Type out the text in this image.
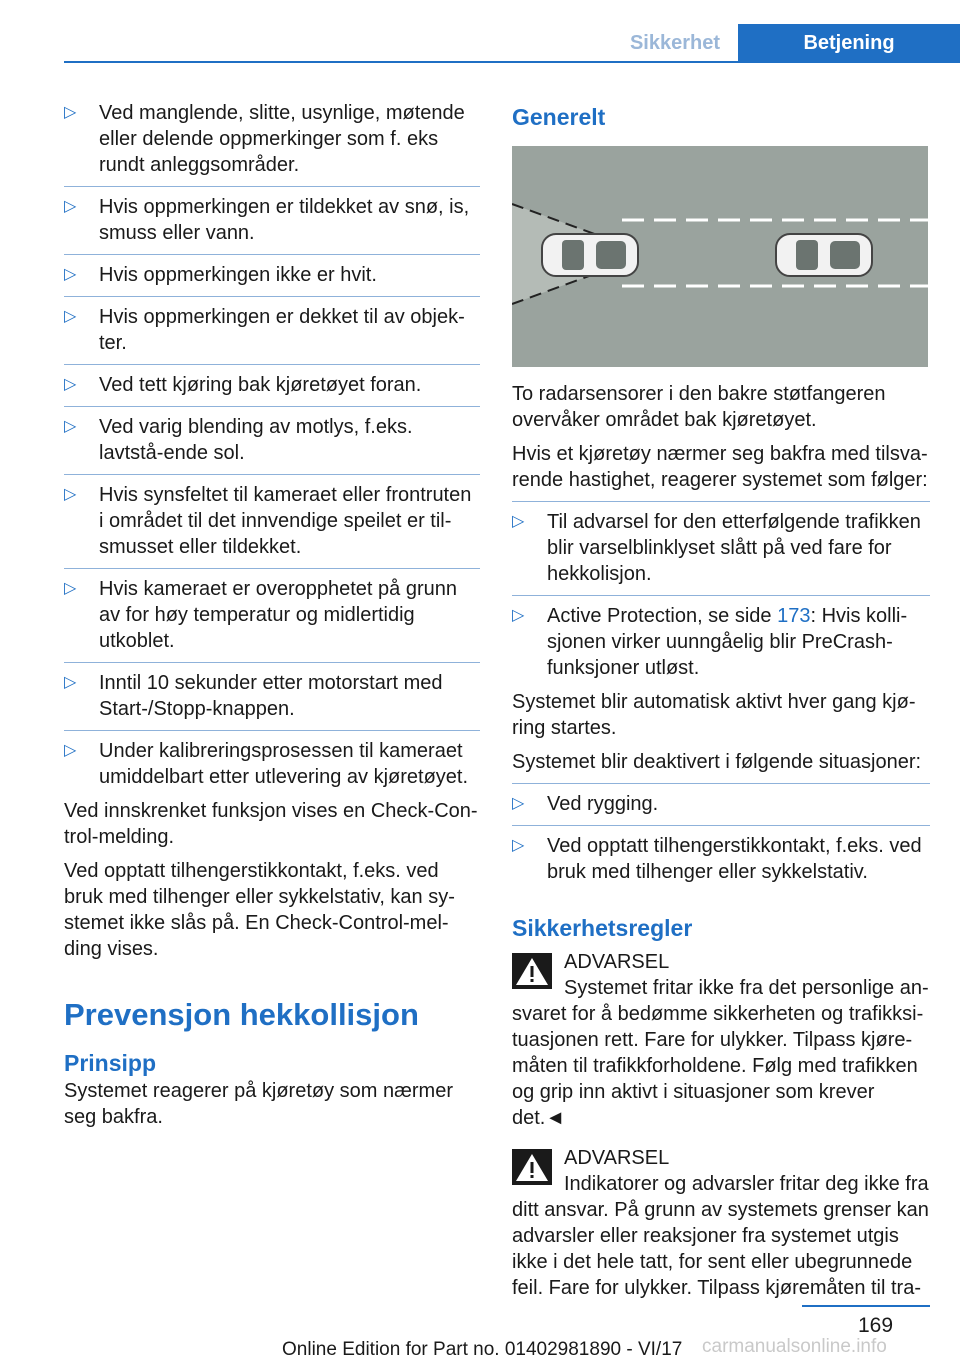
Sikkerhet	Betjening
▷ Ved manglende, slitte, usynlige, møtende eller delende oppmerkinger som f. eks rundt anleggsområder.
▷ Hvis oppmerkingen er tildekket av snø, is, smuss eller vann.
▷ Hvis oppmerkingen ikke er hvit.
▷ Hvis oppmerkingen er dekket til av objek‐ter.
▷ Ved tett kjøring bak kjøretøyet foran.
▷ Ved varig blending av motlys, f.eks. lavtstå‐ende sol.
▷ Hvis synsfeltet til kameraet eller frontruten i området til det innvendige speilet er til‐smusset eller tildekket.
▷ Hvis kameraet er overopphetet på grunn av for høy temperatur og midlertidig utkoblet.
▷ Inntil 10 sekunder etter motorstart med Start-/Stopp-knappen.
▷ Under kalibreringsprosessen til kameraet umiddelbart etter utlevering av kjøretøyet.

Ved innskrenket funksjon vises en Check-Con‐trol-melding.

Ved opptatt tilhengerstikkontakt, f.eks. ved bruk med tilhenger eller sykkelstativ, kan sy‐stemet ikke slås på. En Check-Control-mel‐ding vises.

Prevensjon hekkollisjon
Prinsipp

Systemet reagerer på kjøretøy som nærmer seg bakfra.

Generelt

To radarsensorer i den bakre støtfangeren overvåker området bak kjøretøyet.

Hvis et kjøretøy nærmer seg bakfra med tilsva‐rende hastighet, reagerer systemet som følger:

▷ Til advarsel for den etterfølgende trafikken blir varselblinklyset slått på ved fare for hekkolisjon.
▷ Active Protection, se side 173: Hvis kolli‐sjonen virker uunngåelig blir PreCrash-funksjoner utløst.

Systemet blir automatisk aktivt hver gang kjø‐ring startes.

Systemet blir deaktivert i følgende situasjoner:

▷ Ved rygging.
▷ Ved opptatt tilhengerstikkontakt, f.eks. ved bruk med tilhenger eller sykkelstativ.
Sikkerhetsregler
ADVARSEL
Systemet fritar ikke fra det personlige an‐svaret for å bedømme sikkerheten og trafikksi‐tuasjonen rett. Fare for ulykker. Tilpass kjøre‐måten til trafikkforholdene. Følg med trafikken og grip inn aktivt i situasjoner som krever det.◄
ADVARSEL
Indikatorer og advarsler fritar deg ikke fra ditt ansvar. På grunn av systemets grenser kan advarsler eller reaksjoner fra systemet utgis ikke i det hele tatt, for sent eller ubegrunnede feil. Fare for ulykker. Tilpass kjøremåten til tra‐
169
Online Edition for Part no. 01402981890 - VI/17 carmanualsonline.info
